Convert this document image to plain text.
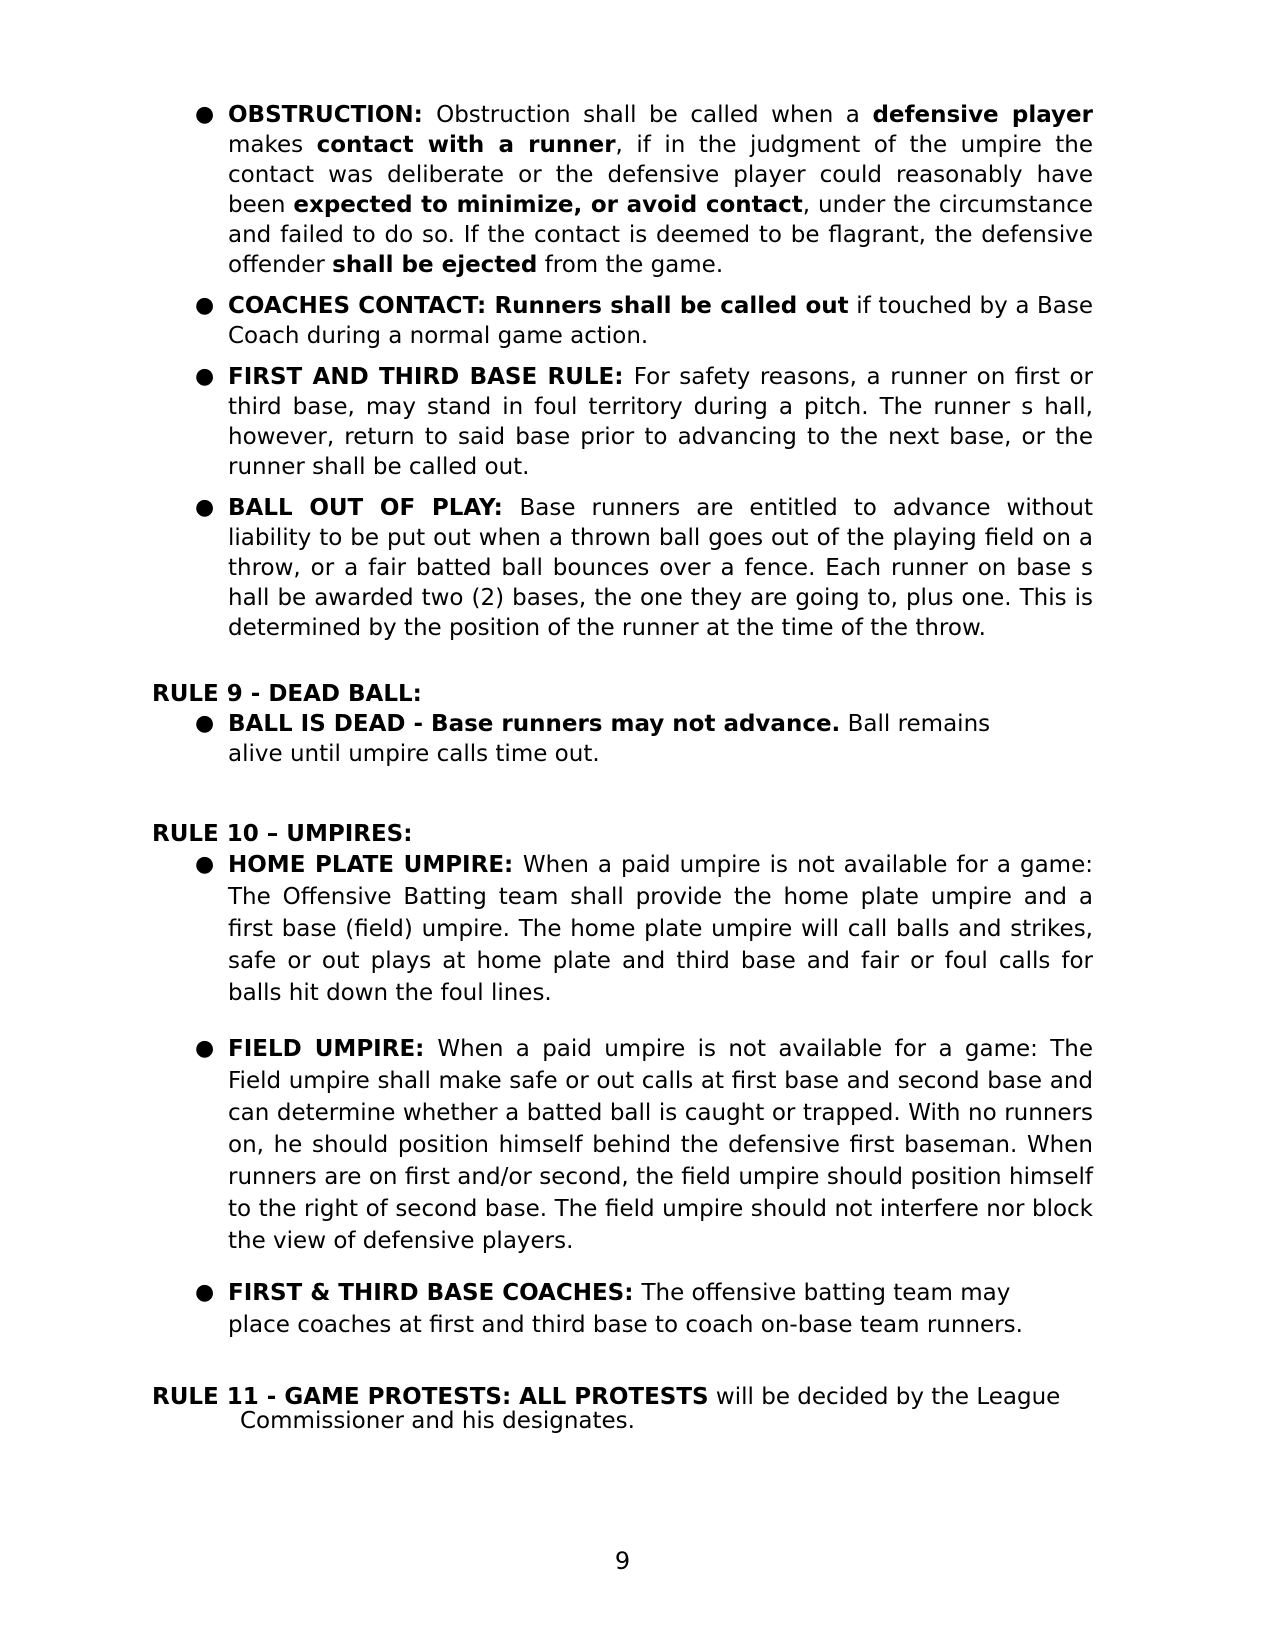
● OBSTRUCTION: Obstruction shall be called when a defensive player makes contact with a runner, if in the judgment of the umpire the contact was deliberate or the defensive player could reasonably have been expected to minimize, or avoid contact, under the circumstance and failed to do so. If the contact is deemed to be flagrant, the defensive offender shall be ejected from the game.
● COACHES CONTACT: Runners shall be called out if touched by a Base Coach during a normal game action.
● FIRST AND THIRD BASE RULE: For safety reasons, a runner on first or third base, may stand in foul territory during a pitch. The runner s hall, however, return to said base prior to advancing to the next base, or the runner shall be called out.
● BALL OUT OF PLAY: Base runners are entitled to advance without liability to be put out when a thrown ball goes out of the playing field on a throw, or a fair batted ball bounces over a fence. Each runner on base s hall be awarded two (2) bases, the one they are going to, plus one. This is determined by the position of the runner at the time of the throw.
RULE 9 - DEAD BALL:
● BALL IS DEAD - Base runners may not advance. Ball remains alive until umpire calls time out.
RULE 10 – UMPIRES:
● HOME PLATE UMPIRE: When a paid umpire is not available for a game: The Offensive Batting team shall provide the home plate umpire and a first base (field) umpire. The home plate umpire will call balls and strikes, safe or out plays at home plate and third base and fair or foul calls for balls hit down the foul lines.
● FIELD UMPIRE: When a paid umpire is not available for a game: The Field umpire shall make safe or out calls at first base and second base and can determine whether a batted ball is caught or trapped. With no runners on, he should position himself behind the defensive first baseman. When runners are on first and/or second, the field umpire should position himself to the right of second base. The field umpire should not interfere nor block the view of defensive players.
● FIRST & THIRD BASE COACHES: The offensive batting team may place coaches at first and third base to coach on-base team runners.
RULE 11 - GAME PROTESTS: ALL PROTESTS will be decided by the League
Commissioner and his designates.
9
